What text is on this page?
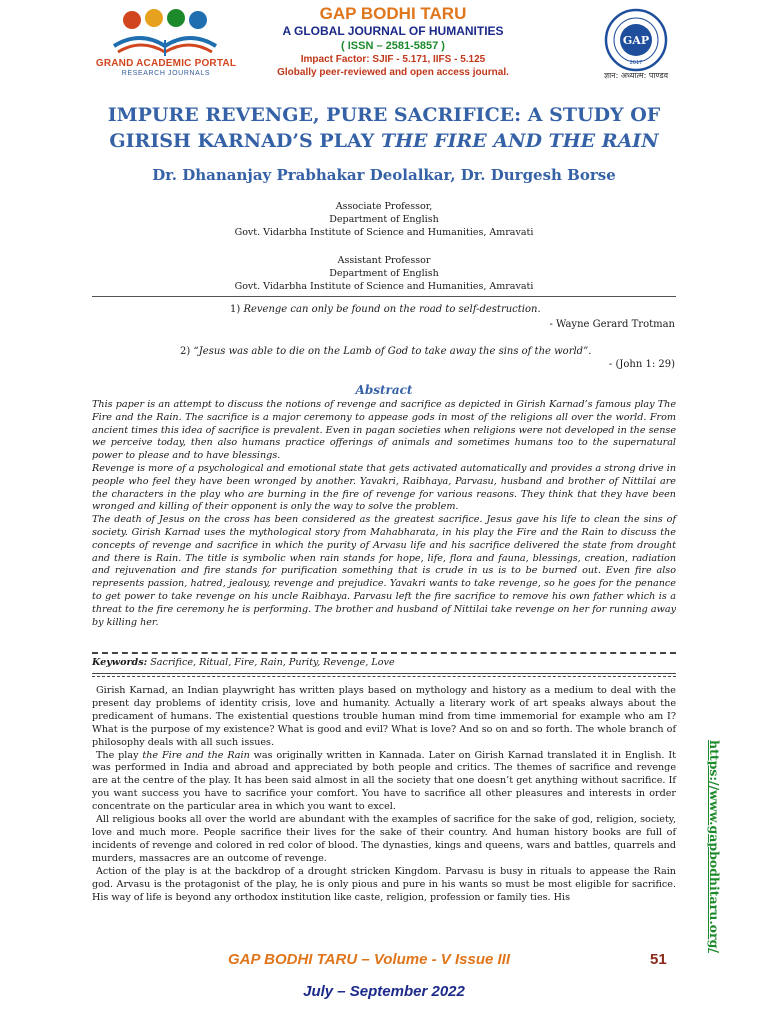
GRAND ACADEMIC PORTAL
RESEARCH JOURNALS
GAP BODHI TARU
A GLOBAL JOURNAL OF HUMANITIES
( ISSN – 2581-5857 )
Impact Factor: SJIF - 5.171, IIFS - 5.125
Globally peer-reviewed and open access journal.
GAP
2017
ज्ञान: अध्यात्म: पाण्डव
IMPURE REVENGE, PURE SACRIFICE: A STUDY OF
GIRISH KARNAD’S PLAY THE FIRE AND THE RAIN
Dr. Dhananjay Prabhakar Deolalkar, Dr. Durgesh Borse
Associate Professor,
Department of English
Govt. Vidarbha Institute of Science and Humanities, Amravati
Assistant Professor
Department of English
Govt. Vidarbha Institute of Science and Humanities, Amravati
1) Revenge can only be found on the road to self-destruction.
- Wayne Gerard Trotman
2) “Jesus was able to die on the Lamb of God to take away the sins of the world”.
- (John 1: 29)
Abstract

This paper is an attempt to discuss the notions of revenge and sacrifice as depicted in Girish Karnad’s famous play The Fire and the Rain. The sacrifice is a major ceremony to appease gods in most of the religions all over the world. From ancient times this idea of sacrifice is prevalent. Even in pagan societies when religions were not developed in the sense we perceive today, then also humans practice offerings of animals and sometimes humans too to the supernatural power to please and to have blessings.

Revenge is more of a psychological and emotional state that gets activated automatically and provides a strong drive in people who feel they have been wronged by another. Yavakri, Raibhaya, Parvasu, husband and brother of Nittilai are the characters in the play who are burning in the fire of revenge for various reasons. They think that they have been wronged and killing of their opponent is only the way to solve the problem.

The death of Jesus on the cross has been considered as the greatest sacrifice. Jesus gave his life to clean the sins of society. Girish Karnad uses the mythological story from Mahabharata, in his play the Fire and the Rain to discuss the concepts of revenge and sacrifice in which the purity of Arvasu life and his sacrifice delivered the state from drought and there is Rain. The title is symbolic when rain stands for hope, life, flora and fauna, blessings, creation, radiation and rejuvenation and fire stands for purification something that is crude in us is to be burned out. Even fire also represents passion, hatred, jealousy, revenge and prejudice. Yavakri wants to take revenge, so he goes for the penance to get power to take revenge on his uncle Raibhaya. Parvasu left the fire sacrifice to remove his own father which is a threat to the fire ceremony he is performing. The brother and husband of Nittilai take revenge on her for running away by killing her.

Keywords: Sacrifice, Ritual, Fire, Rain, Purity, Revenge, Love

Girish Karnad, an Indian playwright has written plays based on mythology and history as a medium to deal with the present day problems of identity crisis, love and humanity. Actually a literary work of art speaks always about the predicament of humans. The existential questions trouble human mind from time immemorial for example who am I? What is the purpose of my existence? What is good and evil? What is love? And so on and so forth. The whole branch of philosophy deals with all such issues.

The play the Fire and the Rain was originally written in Kannada. Later on Girish Karnad translated it in English. It was performed in India and abroad and appreciated by both people and critics. The themes of sacrifice and revenge are at the centre of the play. It has been said almost in all the society that one doesn’t get anything without sacrifice. If you want success you have to sacrifice your comfort. You have to sacrifice all other pleasures and interests in order concentrate on the particular area in which you want to excel.

All religious books all over the world are abundant with the examples of sacrifice for the sake of god, religion, society, love and much more. People sacrifice their lives for the sake of their country. And human history books are full of incidents of revenge and colored in red color of blood. The dynasties, kings and queens, wars and battles, quarrels and murders, massacres are an outcome of revenge.

Action of the play is at the backdrop of a drought stricken Kingdom. Parvasu is busy in rituals to appease the Rain god. Arvasu is the protagonist of the play, he is only pious and pure in his wants so must be most eligible for sacrifice. His way of life is beyond any orthodox institution like caste, religion, profession or family ties. His	https://www.gapbodhitaru.org/
GAP BODHI TARU – Volume - V Issue III	51
July – September 2022
